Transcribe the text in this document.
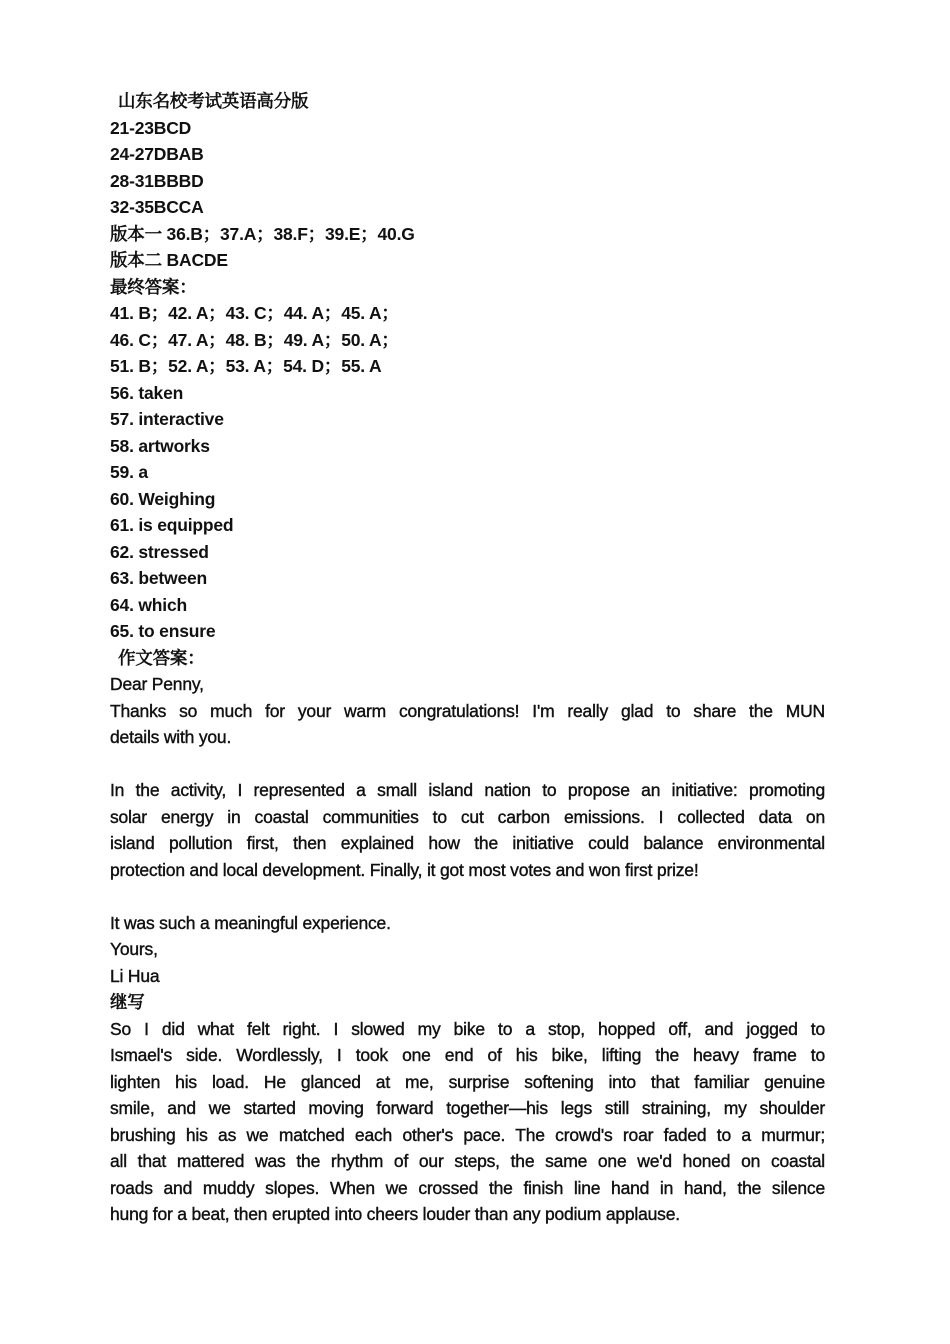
山东名校考试英语高分版
21-23BCD
24-27DBAB
28-31BBBD
32-35BCCA
版本一 36.B；37.A；38.F；39.E；40.G
版本二 BACDE
最终答案：
41. B；42. A；43. C；44. A；45. A；
46. C；47. A；48. B；49. A；50. A；
51. B；52. A；53. A；54. D；55. A
56. taken
57. interactive
58. artworks
59. a
60. Weighing
61. is equipped
62. stressed
63. between
64. which
65. to ensure
作文答案：
Dear Penny,
Thanks so much for your warm congratulations! I'm really glad to share the MUN
details with you.
In the activity, I represented a small island nation to propose an initiative: promoting
solar energy in coastal communities to cut carbon emissions. I collected data on
island pollution first, then explained how the initiative could balance environmental
protection and local development. Finally, it got most votes and won first prize!
It was such a meaningful experience.
Yours,
Li Hua
继写
So I did what felt right. I slowed my bike to a stop, hopped off, and jogged to
Ismael's side. Wordlessly, I took one end of his bike, lifting the heavy frame to
lighten his load. He glanced at me, surprise softening into that familiar genuine
smile, and we started moving forward together—his legs still straining, my shoulder
brushing his as we matched each other's pace. The crowd's roar faded to a murmur;
all that mattered was the rhythm of our steps, the same one we'd honed on coastal
roads and muddy slopes. When we crossed the finish line hand in hand, the silence
hung for a beat, then erupted into cheers louder than any podium applause.
